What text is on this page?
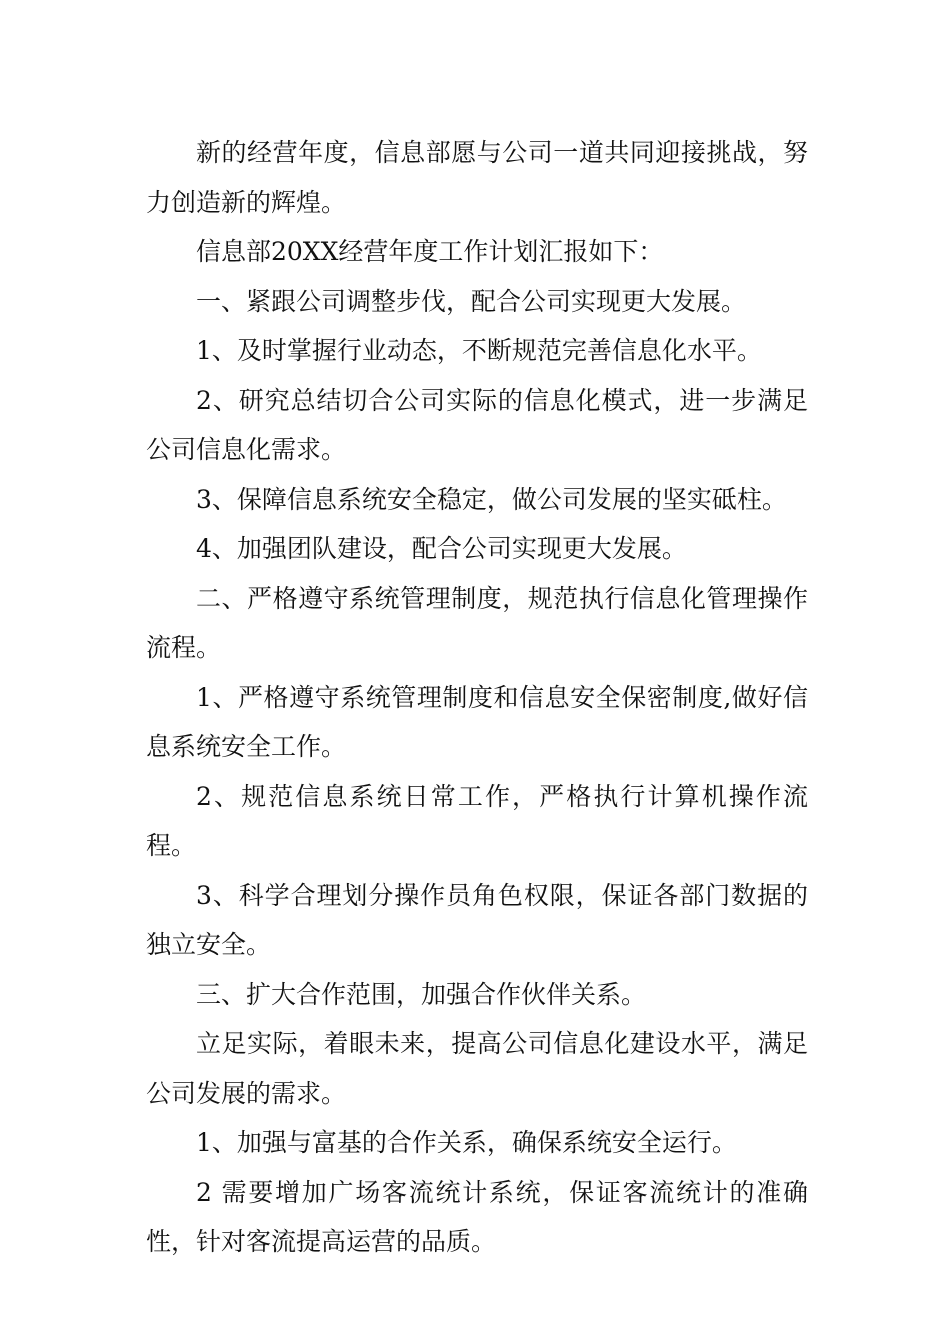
新的经营年度，信息部愿与公司一道共同迎接挑战，努力创造新的辉煌。

信息部20XX经营年度工作计划汇报如下：

一、紧跟公司调整步伐，配合公司实现更大发展。

1、及时掌握行业动态，不断规范完善信息化水平。

2、研究总结切合公司实际的信息化模式，进一步满足公司信息化需求。

3、保障信息系统安全稳定，做公司发展的坚实砥柱。

4、加强团队建设，配合公司实现更大发展。

二、严格遵守系统管理制度，规范执行信息化管理操作流程。

1、严格遵守系统管理制度和信息安全保密制度,做好信息系统安全工作。

2、规范信息系统日常工作，严格执行计算机操作流程。

3、科学合理划分操作员角色权限，保证各部门数据的独立安全。

三、扩大合作范围，加强合作伙伴关系。

立足实际，着眼未来，提高公司信息化建设水平，满足公司发展的需求。

1、加强与富基的合作关系，确保系统安全运行。

2 需要增加广场客流统计系统，保证客流统计的准确性，针对客流提高运营的品质。
